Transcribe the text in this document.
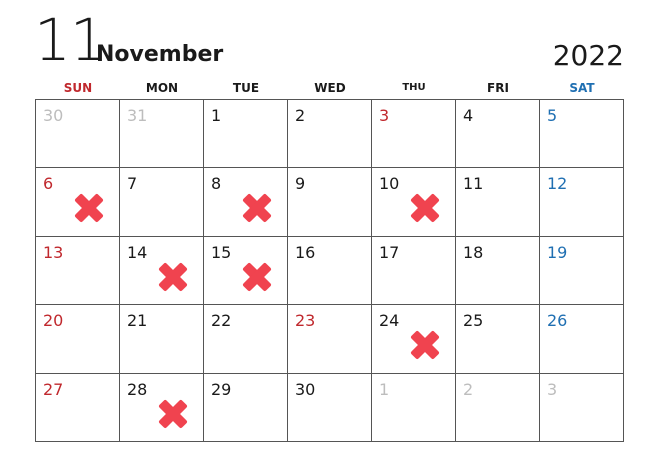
11
November	2022
SUN	MON	TUE	WED	THU	FRI	SAT
30	31	1	2	3	4	5
6	7	8	9	10	11	12
13	14	15	16	17	18	19
20	21	22	23	24	25	26
27	28	29	30	1	2	3
